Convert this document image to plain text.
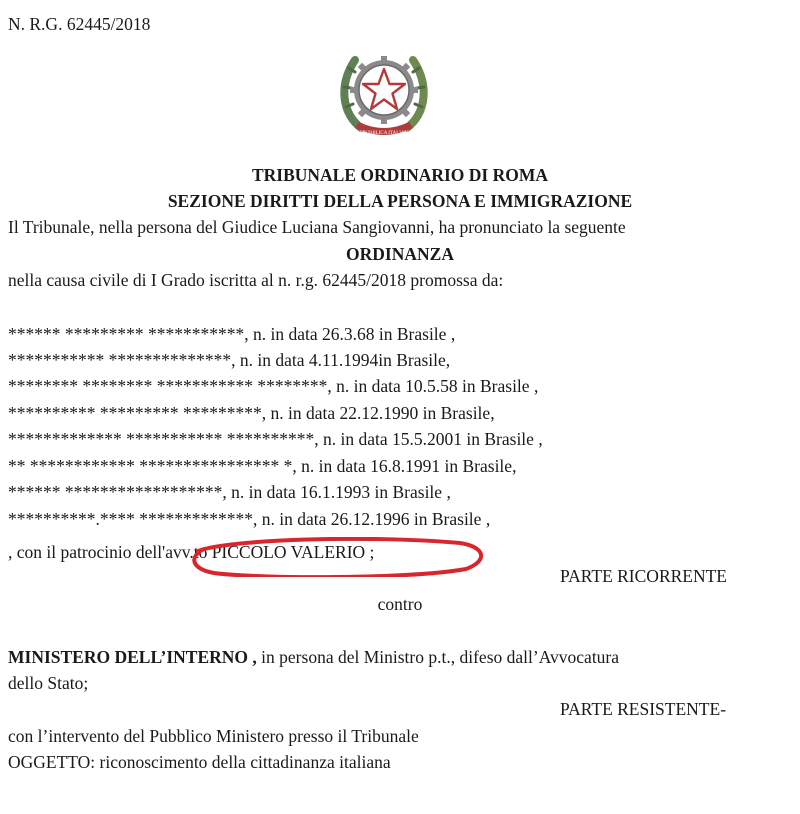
N. R.G. 62445/2018
REPUBBLICA ITALIANA
TRIBUNALE ORDINARIO DI ROMA
SEZIONE DIRITTI DELLA PERSONA E IMMIGRAZIONE
Il Tribunale, nella persona del Giudice Luciana Sangiovanni, ha pronunciato la seguente
ORDINANZA
nella causa civile di I Grado iscritta al n. r.g. 62445/2018 promossa da:
****** ********* ***********, n. in data 26.3.68 in Brasile ,
*********** **************, n. in data 4.11.1994in Brasile,
******** ******** *********** ********, n. in data 10.5.58 in Brasile ,
********** ********* *********, n. in data 22.12.1990 in Brasile,
************* *********** **********, n. in data 15.5.2001 in Brasile ,
** ************ **************** *, n. in data 16.8.1991 in Brasile,
****** ******************, n. in data 16.1.1993 in Brasile ,
**********.**** *************, n. in data 26.12.1996 in Brasile ,
, con il patrocinio dell'avv.to PICCOLO VALERIO ;
PARTE RICORRENTE
contro
MINISTERO DELL’INTERNO , in persona del Ministro p.t., difeso dall’Avvocatura
dello Stato;
PARTE RESISTENTE-
con l’intervento del Pubblico Ministero presso il Tribunale
OGGETTO: riconoscimento della cittadinanza italiana
